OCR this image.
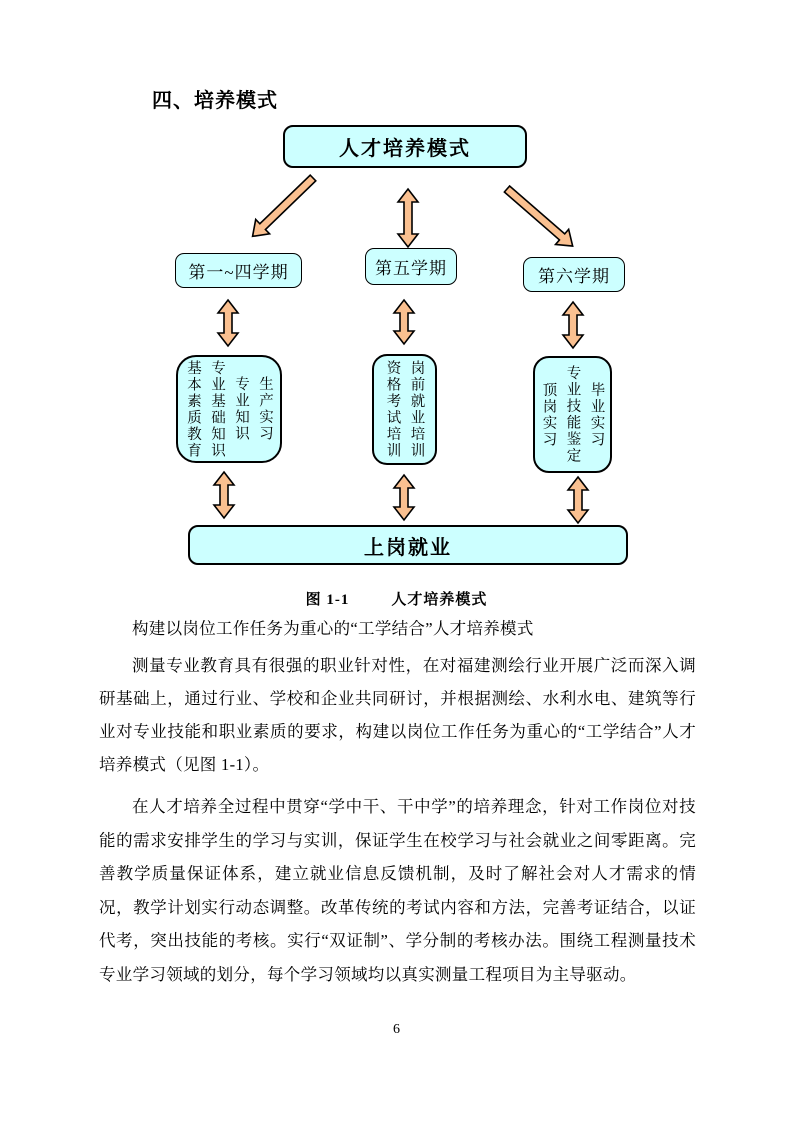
四、培养模式
人才培养模式
第一~四学期	第五学期	第六学期
生产实习
专业知识
专业基础知识
基本素质教育	岗前就业培训
资格考试培训	毕业实习
专业技能鉴定
顶岗实习
上岗就业
图 1-1	人才培养模式

构建以岗位工作任务为重心的“工学结合”人才培养模式

测量专业教育具有很强的职业针对性，在对福建测绘行业开展广泛而深入调研基础上，通过行业、学校和企业共同研讨，并根据测绘、水利水电、建筑等行业对专业技能和职业素质的要求，构建以岗位工作任务为重心的“工学结合”人才培养模式（见图 1-1）。

在人才培养全过程中贯穿“学中干、干中学”的培养理念，针对工作岗位对技能的需求安排学生的学习与实训，保证学生在校学习与社会就业之间零距离。完善教学质量保证体系，建立就业信息反馈机制，及时了解社会对人才需求的情况，教学计划实行动态调整。改革传统的考试内容和方法，完善考证结合，以证代考，突出技能的考核。实行“双证制”、学分制的考核办法。围绕工程测量技术专业学习领域的划分，每个学习领域均以真实测量工程项目为主导驱动。

6
